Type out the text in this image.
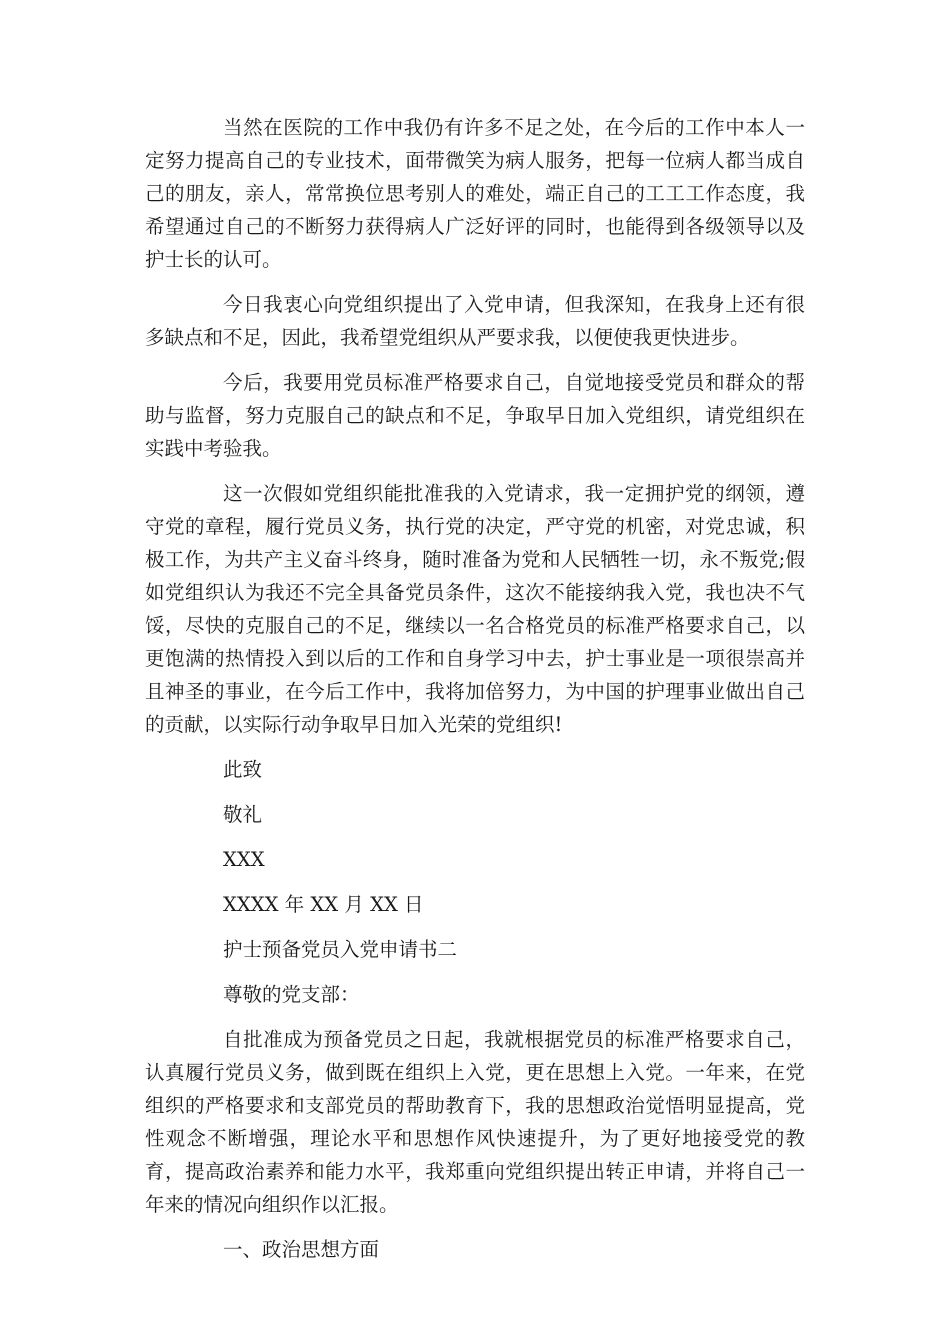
当然在医院的工作中我仍有许多不足之处，在今后的工作中本人一定努力提高自己的专业技术，面带微笑为病人服务，把每一位病人都当成自己的朋友，亲人，常常换位思考别人的难处，端正自己的工工工作态度，我希望通过自己的不断努力获得病人广泛好评的同时，也能得到各级领导以及护士长的认可。

今日我衷心向党组织提出了入党申请，但我深知，在我身上还有很多缺点和不足，因此，我希望党组织从严要求我，以便使我更快进步。

今后，我要用党员标准严格要求自己，自觉地接受党员和群众的帮助与监督，努力克服自己的缺点和不足，争取早日加入党组织，请党组织在实践中考验我。

这一次假如党组织能批准我的入党请求，我一定拥护党的纲领，遵守党的章程，履行党员义务，执行党的决定，严守党的机密，对党忠诚，积极工作，为共产主义奋斗终身，随时准备为党和人民牺牲一切，永不叛党;假如党组织认为我还不完全具备党员条件，这次不能接纳我入党，我也决不气馁，尽快的克服自己的不足，继续以一名合格党员的标准严格要求自己，以更饱满的热情投入到以后的工作和自身学习中去，护士事业是一项很崇高并且神圣的事业，在今后工作中，我将加倍努力，为中国的护理事业做出自己的贡献，以实际行动争取早日加入光荣的党组织!

此致
敬礼
XXX
XXXX 年 XX 月 XX 日
护士预备党员入党申请书二
尊敬的党支部：

自批准成为预备党员之日起，我就根据党员的标准严格要求自己，认真履行党员义务，做到既在组织上入党，更在思想上入党。一年来，在党组织的严格要求和支部党员的帮助教育下，我的思想政治觉悟明显提高，党性观念不断增强，理论水平和思想作风快速提升，为了更好地接受党的教育，提高政治素养和能力水平，我郑重向党组织提出转正申请，并将自己一年来的情况向组织作以汇报。

一、政治思想方面
